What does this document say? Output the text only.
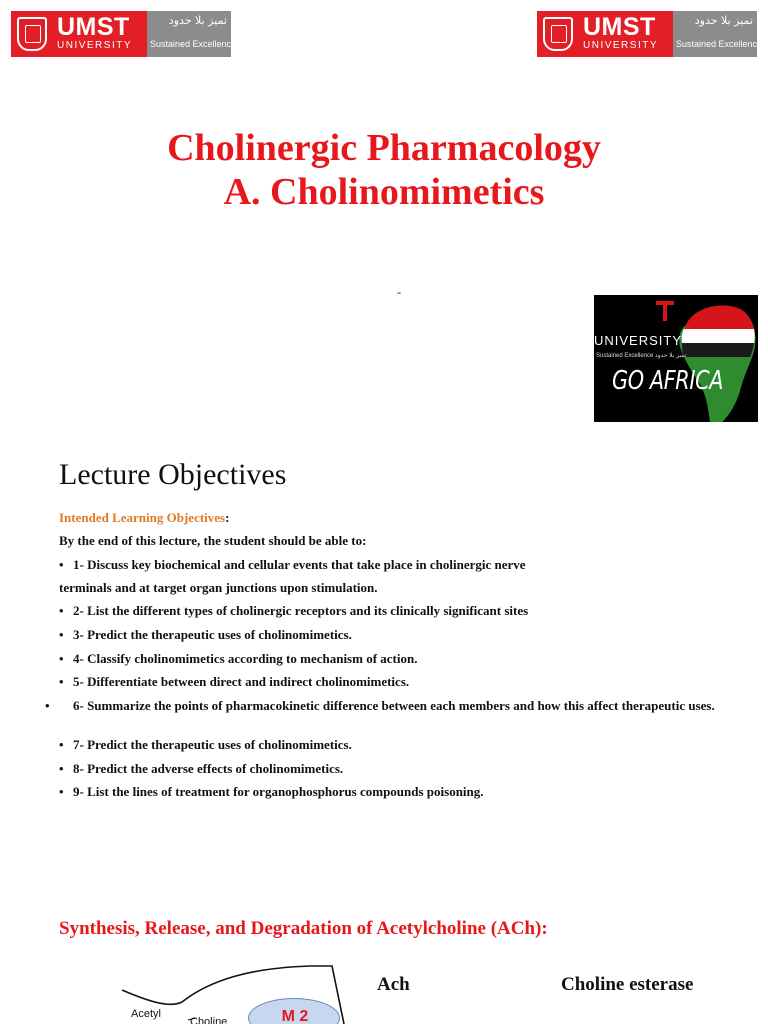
UMST
UNIVERSITY
تميز بلا حدود
Sustained Excellence
UMST
UNIVERSITY
تميز بلا حدود
Sustained Excellence
Cholinergic Pharmacology
A. Cholinomimetics
-
UNIVERSITY
Sustained Excellence تميز بلا حدود
GO AFRICA
Lecture Objectives
Intended Learning Objectives:
By the end of this lecture, the student should be able to:
• 1- Discuss key biochemical and cellular events that take place in cholinergic nerve
terminals and at target organ junctions upon stimulation.
• 2- List the different types of cholinergic receptors and its clinically significant sites
• 3- Predict the therapeutic uses of cholinomimetics.
• 4- Classify cholinomimetics according to mechanism of action.
• 5- Differentiate between direct and indirect cholinomimetics.
• 6- Summarize the points of pharmacokinetic difference between each members and how this affect therapeutic uses.
• 7- Predict the therapeutic uses of cholinomimetics.
• 8- Predict the adverse effects of cholinomimetics.
• 9- List the lines of treatment for organophosphorus compounds poisoning.
Synthesis, Release, and Degradation of Acetylcholine (ACh):
Acetyl
Choline	M 2
Ach	Choline esterase
